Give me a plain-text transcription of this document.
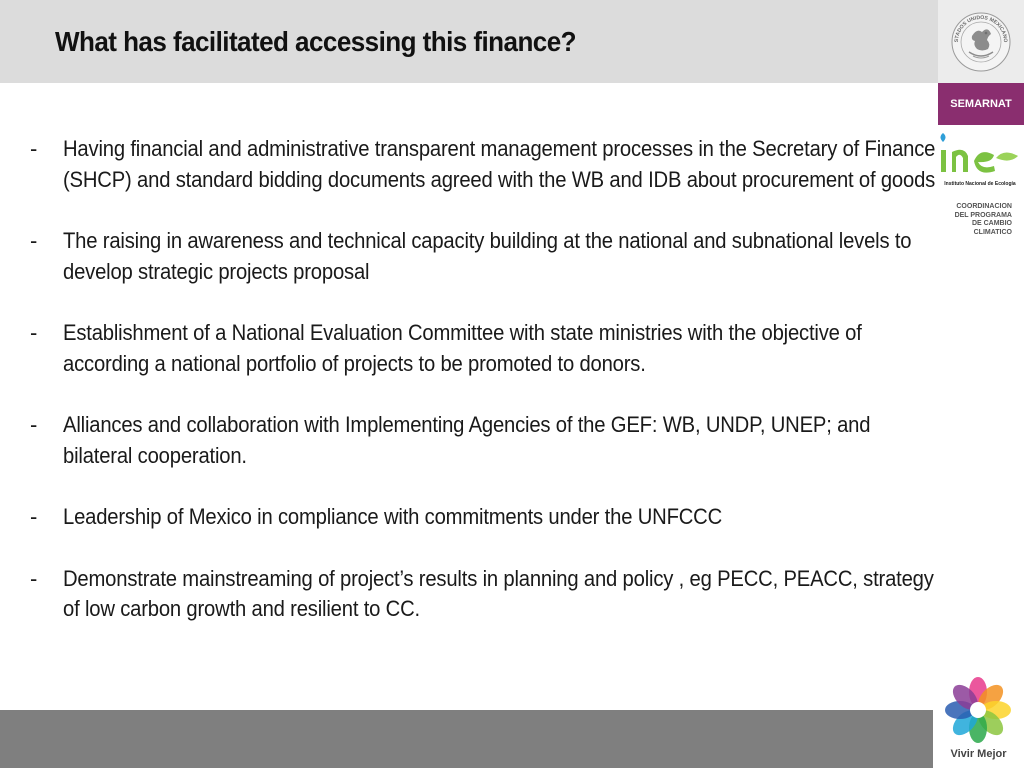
What has facilitated accessing this finance?	STADOS UNIDOS MEXICANO
SEMARNAT
Instituto Nacional de Ecología
COORDINACION
DEL PROGRAMA
DE CAMBIO
CLIMATICO
- Having financial and administrative transparent management processes in the Secretary of Finance (SHCP) and standard bidding documents agreed with the WB and IDB about procurement of goods
- The raising in awareness and technical capacity building at the national and subnational levels to develop strategic projects proposal
- Establishment of a National Evaluation Committee with state ministries with the objective of according a national portfolio of projects to be promoted to donors.
- Alliances and collaboration with Implementing Agencies of the GEF: WB, UNDP, UNEP; and bilateral cooperation.
- Leadership of Mexico in compliance with commitments under the UNFCCC
- Demonstrate mainstreaming of project’s results in planning and policy , eg PECC, PEACC, strategy of low carbon growth and resilient to CC.
Vivir Mejor
